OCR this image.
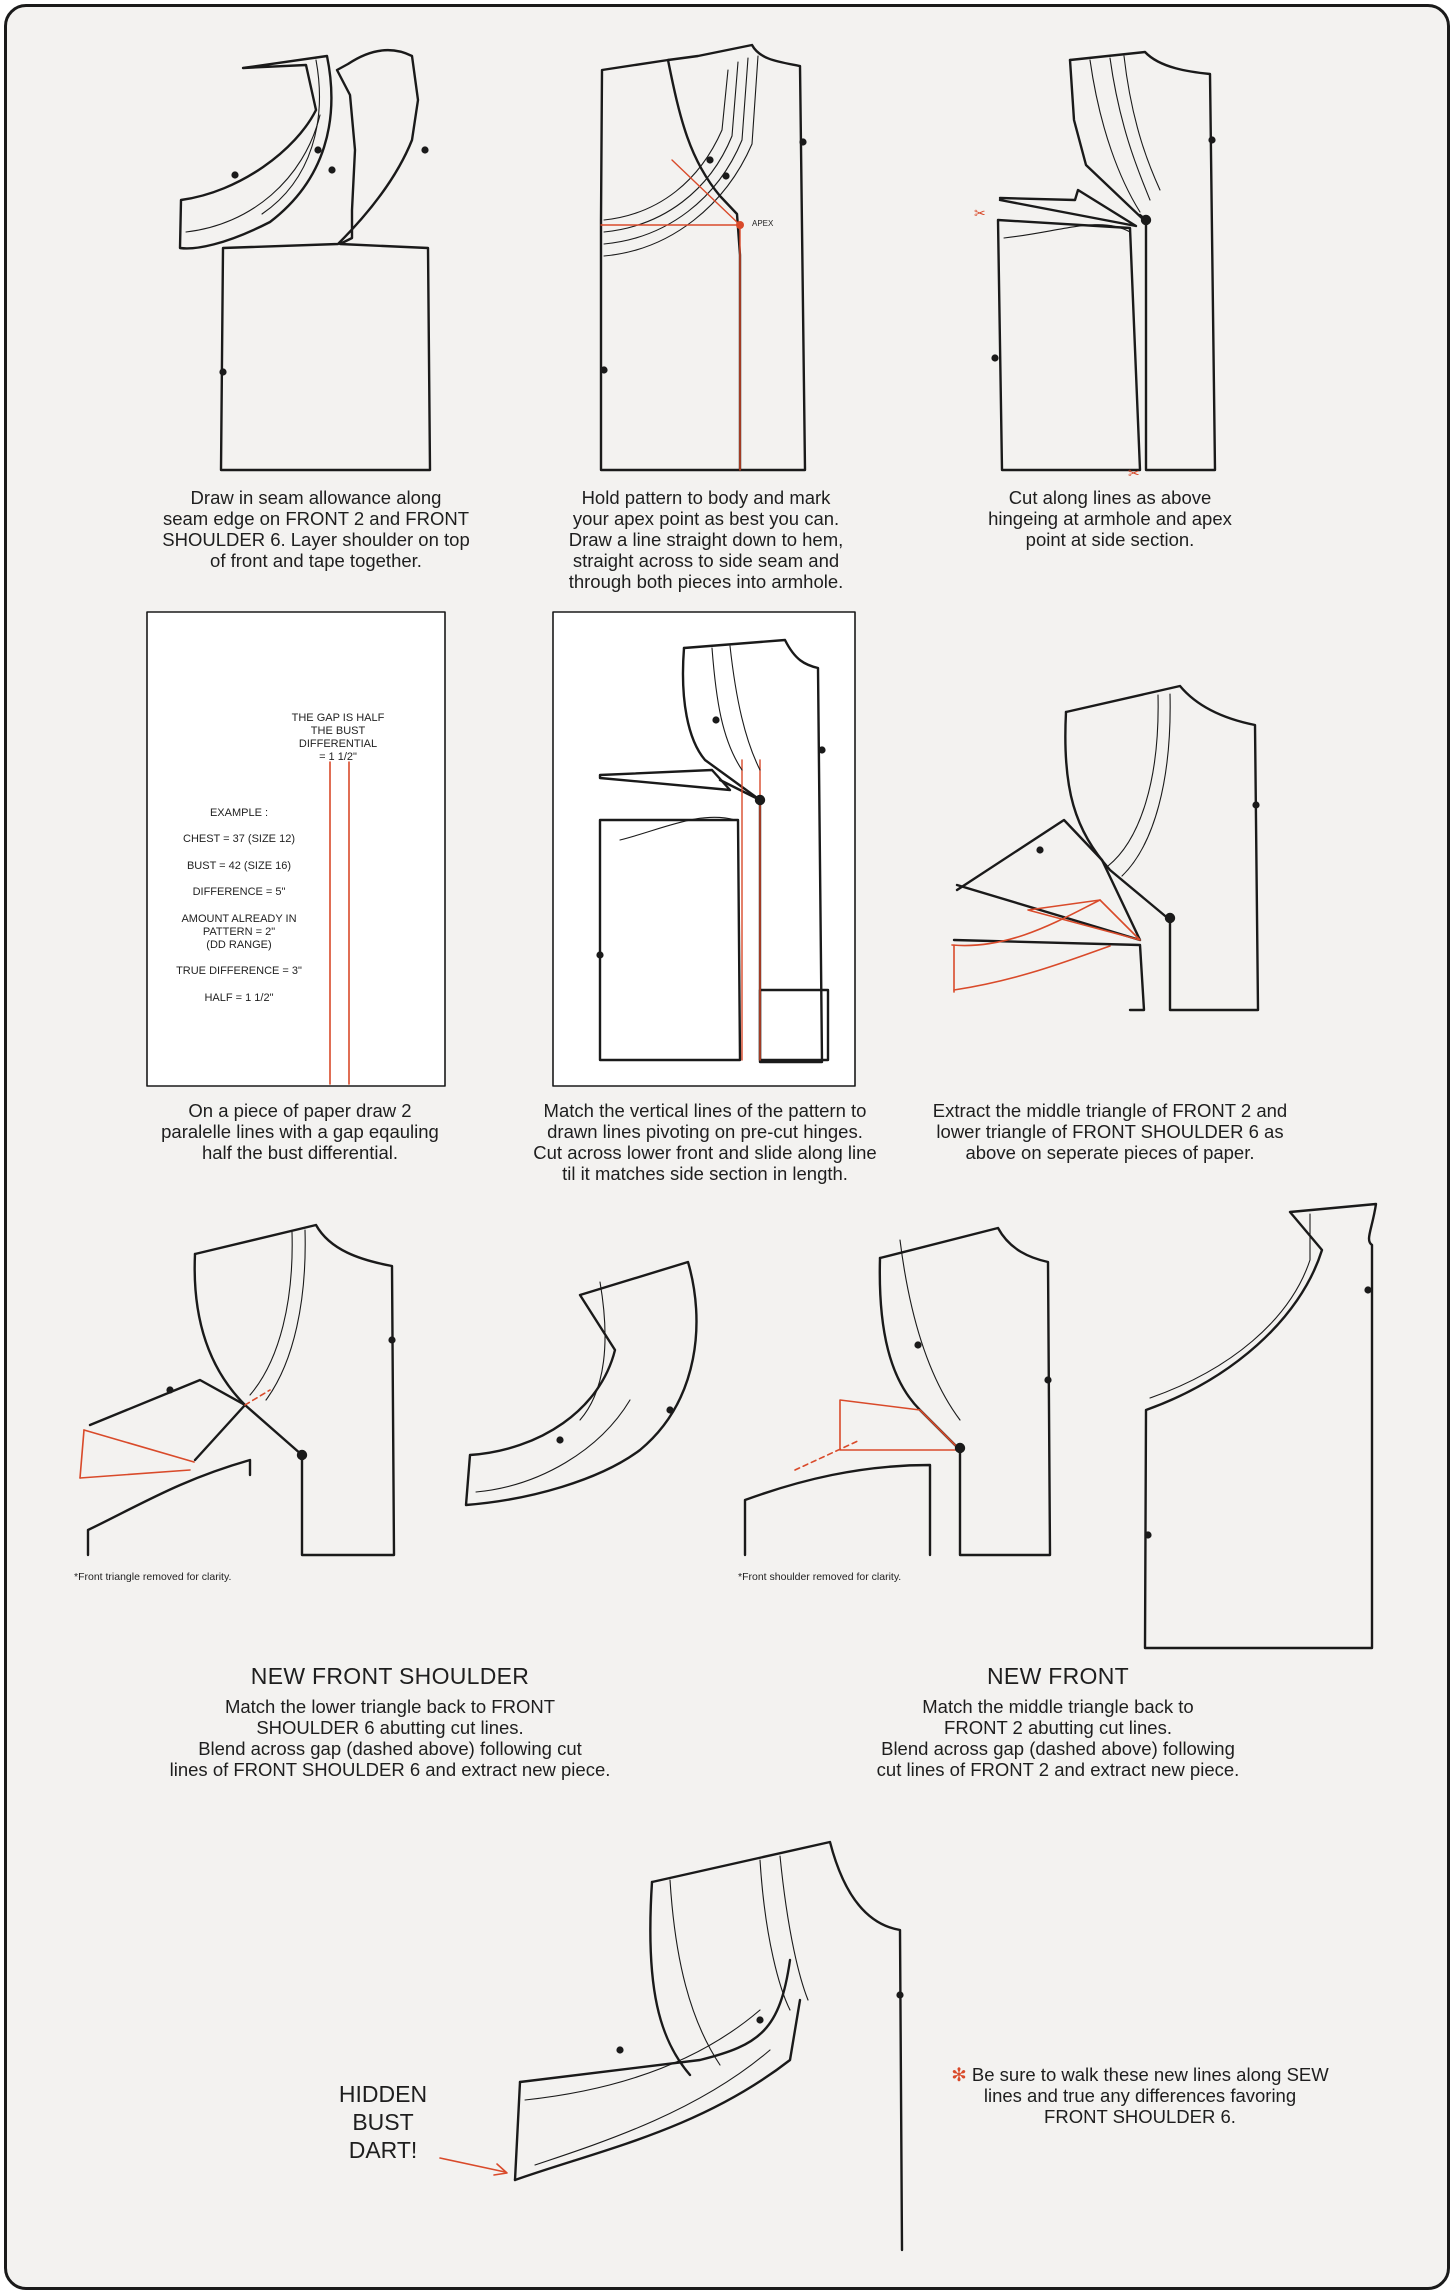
✂
✂

APEX

Draw in seam allowance along
seam edge on FRONT 2 and FRONT
SHOULDER 6. Layer shoulder on top
of front and tape together.

Hold pattern to body and mark
your apex point as best you can.
Draw a line straight down to hem,
straight across to side seam and
through both pieces into armhole.

Cut along lines as above
hingeing at armhole and apex
point at side section.

On a piece of paper draw 2
paralelle lines with a gap eqauling
half the bust differential.

Match the vertical lines of the pattern to
drawn lines pivoting on pre-cut hinges.
Cut across lower front and slide along line
til it matches side section in length.

Extract the middle triangle of FRONT 2 and
lower triangle of FRONT SHOULDER 6 as
above on seperate pieces of paper.

THE GAP IS HALF
THE BUST
DIFFERENTIAL
= 1 1/2"

EXAMPLE :

CHEST = 37 (SIZE 12)

BUST = 42 (SIZE 16)

DIFFERENCE = 5"

AMOUNT ALREADY IN

PATTERN = 2"

(DD RANGE)

TRUE DIFFERENCE = 3"

HALF = 1 1/2"

*Front triangle removed for clarity.	*Front shoulder removed for clarity.

NEW FRONT SHOULDER	NEW FRONT

Match the lower triangle back to FRONT
SHOULDER 6 abutting cut lines.
Blend across gap (dashed above) following cut
lines of FRONT SHOULDER 6 and extract new piece.

Match the middle triangle back to
FRONT 2 abutting cut lines.
Blend across gap (dashed above) following
cut lines of FRONT 2 and extract new piece.

HIDDEN
BUST
DART!

✻ Be sure to walk these new lines along SEW
lines and true any differences favoring
FRONT SHOULDER 6.
